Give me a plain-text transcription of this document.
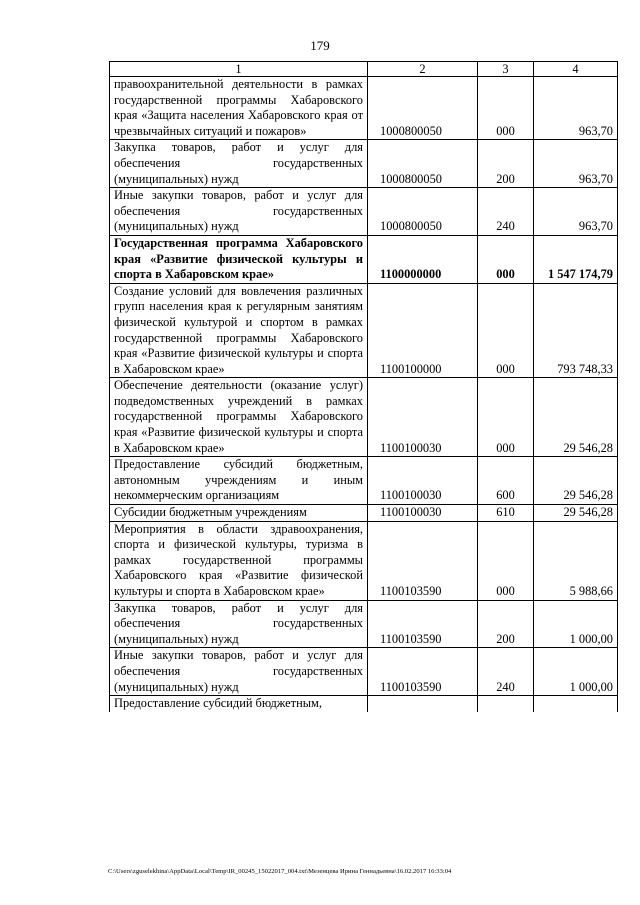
179
1	2	3	4
правоохранительной деятельности в рамках государственной программы Хабаровского края «Защита населения Хабаровского края от чрезвычайных ситуаций и пожаров»	1000800050	000	963,70
Закупка товаров, работ и услуг для обеспечения государственных (муниципальных) нужд	1000800050	200	963,70
Иные закупки товаров, работ и услуг для обеспечения государственных (муниципальных) нужд	1000800050	240	963,70
Государственная программа Хабаровского края «Развитие физической культуры и спорта в Хабаровском крае»	1100000000	000	1 547 174,79
Создание условий для вовлечения различных групп населения края к регулярным занятиям физической культурой и спортом в рамках государственной программы Хабаровского края «Развитие физической культуры и спорта в Хабаровском крае»	1100100000	000	793 748,33
Обеспечение деятельности (оказание услуг) подведомственных учреждений в рамках государственной программы Хабаровского края «Развитие физической культуры и спорта в Хабаровском крае»	1100100030	000	29 546,28
Предоставление субсидий бюджетным, автономным учреждениям и иным некоммерческим организациям	1100100030	600	29 546,28
Субсидии бюджетным учреждениям	1100100030	610	29 546,28
Мероприятия в области здравоохранения, спорта и физической культуры, туризма в рамках государственной программы Хабаровского края «Развитие физической культуры и спорта в Хабаровском крае»	1100103590	000	5 988,66
Закупка товаров, работ и услуг для обеспечения государственных (муниципальных) нужд	1100103590	200	1 000,00
Иные закупки товаров, работ и услуг для обеспечения государственных (муниципальных) нужд	1100103590	240	1 000,00
Предоставление субсидий бюджетным,			
C:\Users\zguselekhina\AppData\Local\Temp\IR_00245_15022017_004.txt\Мезенцева Ирина Геннадьевна\16.02.2017 16:33:04
